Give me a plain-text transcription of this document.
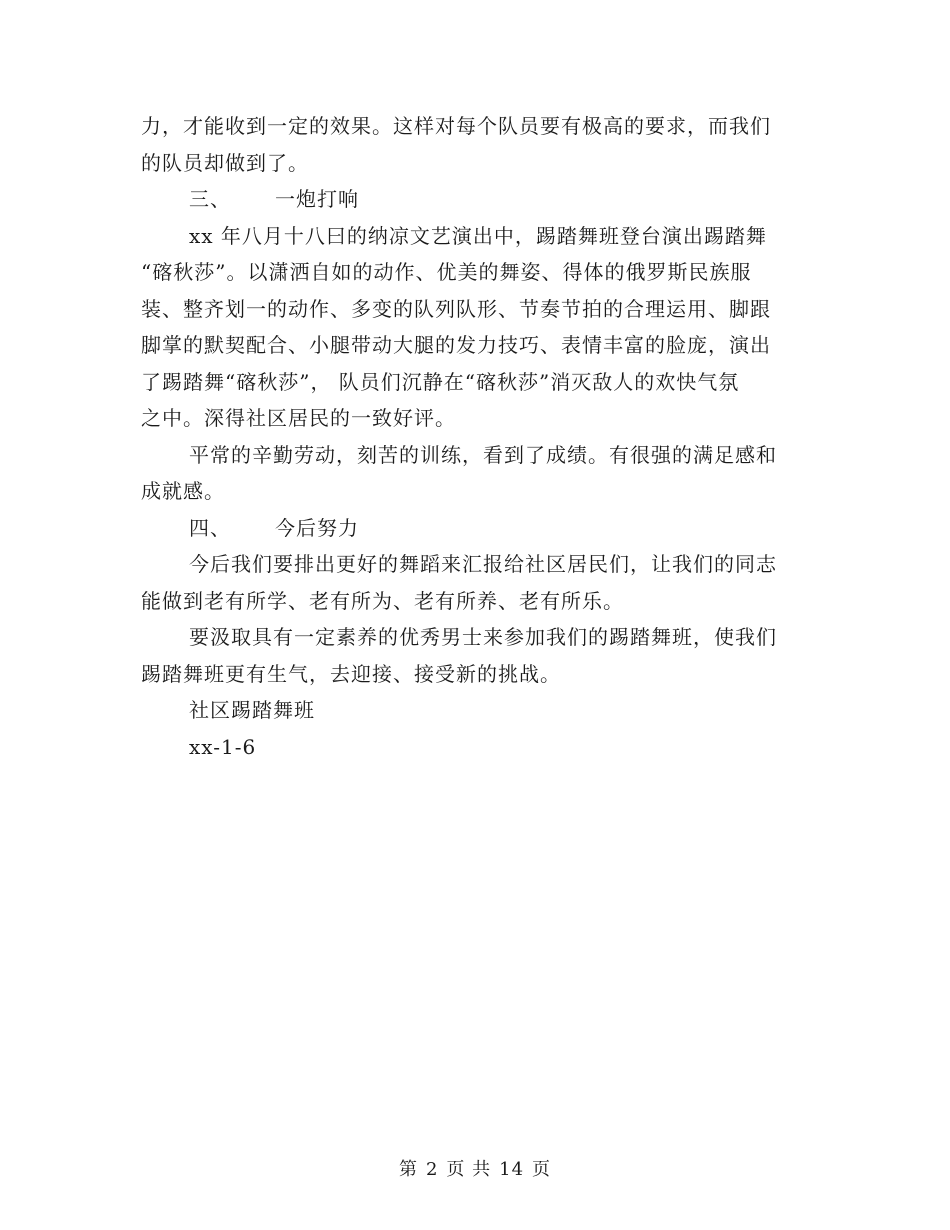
力，才能收到一定的效果。这样对每个队员要有极高的要求，而我们
的队员却做到了。
三、 一炮打响
xx 年八月十八曰的纳凉文艺演出中，踢踏舞班登台演出踢踏舞
“碦秋莎”。以潇洒自如的动作、优美的舞姿、得体的俄罗斯民族服
装、整齐划一的动作、多变的队列队形、节奏节拍的合理运用、脚跟
脚掌的默契配合、小腿带动大腿的发力技巧、表情丰富的脸庞，演出
了踢踏舞“碦秋莎”， 队员们沉静在“碦秋莎”消灭敌人的欢快气氛
之中。深得社区居民的一致好评。
平常的辛勤劳动，刻苦的训练，看到了成绩。有很强的满足感和
成就感。
四、 今后努力
今后我们要排出更好的舞蹈来汇报给社区居民们，让我们的同志
能做到老有所学、老有所为、老有所养、老有所乐。
要汲取具有一定素养的优秀男士来参加我们的踢踏舞班，使我们
踢踏舞班更有生气，去迎接、接受新的挑战。
社区踢踏舞班
xx-1-6
第 2 页 共 14 页
